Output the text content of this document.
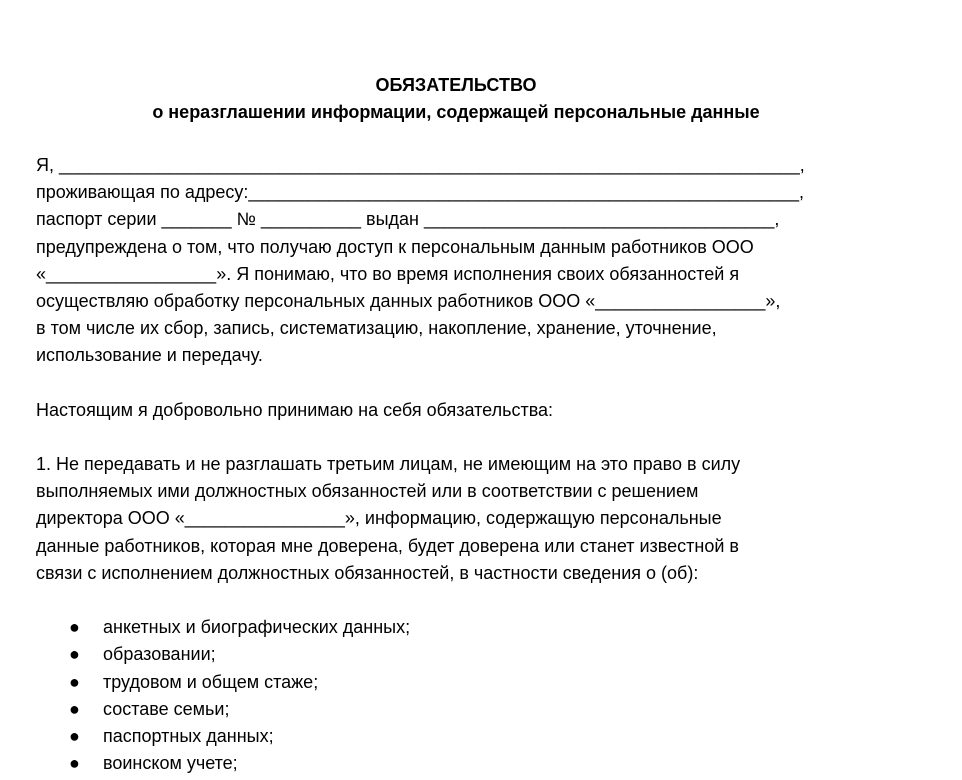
ОБЯЗАТЕЛЬСТВО
о неразглашении информации, содержащей персональные данные
Я, __________________________________________________________________________,
проживающая по адресу:_______________________________________________________,
паспорт серии _______ № __________ выдан ___________________________________,
предупреждена о том, что получаю доступ к персональным данным работников ООО
«_________________». Я понимаю, что во время исполнения своих обязанностей я
осуществляю обработку персональных данных работников ООО «_________________»,
в том числе их сбор, запись, систематизацию, накопление, хранение, уточнение,
использование и передачу.
Настоящим я добровольно принимаю на себя обязательства:
1. Не передавать и не разглашать третьим лицам, не имеющим на это право в силу
выполняемых ими должностных обязанностей или в соответствии с решением
директора ООО «________________», информацию, содержащую персональные
данные работников, которая мне доверена, будет доверена или станет известной в
связи с исполнением должностных обязанностей, в частности сведения о (об):
● анкетных и биографических данных;
● образовании;
● трудовом и общем стаже;
● составе семьи;
● паспортных данных;
● воинском учете;
